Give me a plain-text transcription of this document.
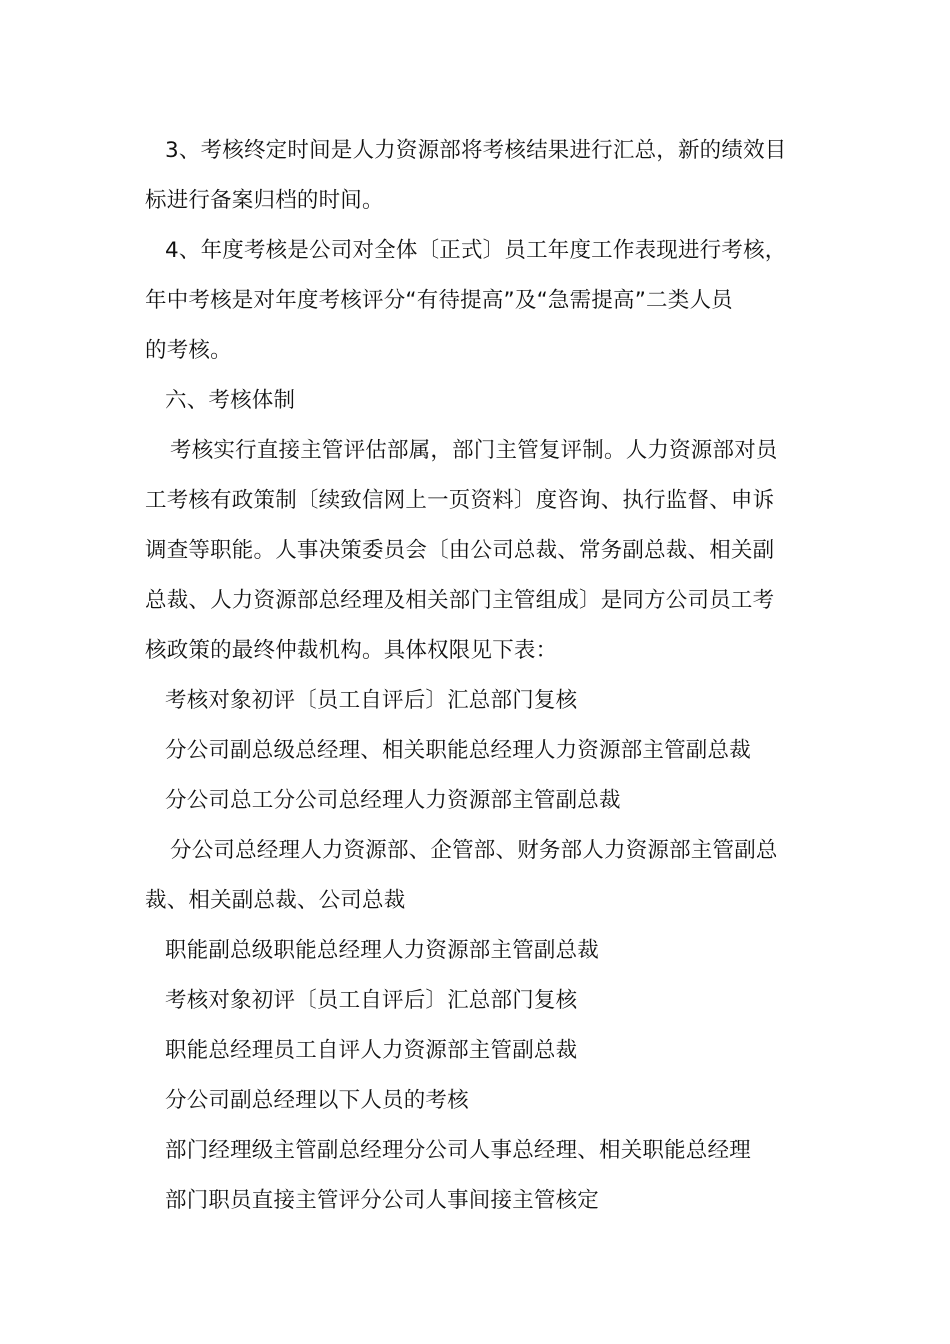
3、考核终定时间是人力资源部将考核结果进行汇总，新的绩效目
标进行备案归档的时间。
4、年度考核是公司对全体〔正式〕员工年度工作表现进行考核，
年中考核是对年度考核评分“有待提高”及“急需提高”二类人员
的考核。
六、考核体制
考核实行直接主管评估部属，部门主管复评制。人力资源部对员
工考核有政策制〔续致信网上一页资料〕度咨询、执行监督、申诉
调查等职能。人事决策委员会〔由公司总裁、常务副总裁、相关副
总裁、人力资源部总经理及相关部门主管组成〕是同方公司员工考
核政策的最终仲裁机构。具体权限见下表：
考核对象初评〔员工自评后〕汇总部门复核
分公司副总级总经理、相关职能总经理人力资源部主管副总裁
分公司总工分公司总经理人力资源部主管副总裁
分公司总经理人力资源部、企管部、财务部人力资源部主管副总
裁、相关副总裁、公司总裁
职能副总级职能总经理人力资源部主管副总裁
考核对象初评〔员工自评后〕汇总部门复核
职能总经理员工自评人力资源部主管副总裁
分公司副总经理以下人员的考核
部门经理级主管副总经理分公司人事总经理、相关职能总经理
部门职员直接主管评分公司人事间接主管核定
